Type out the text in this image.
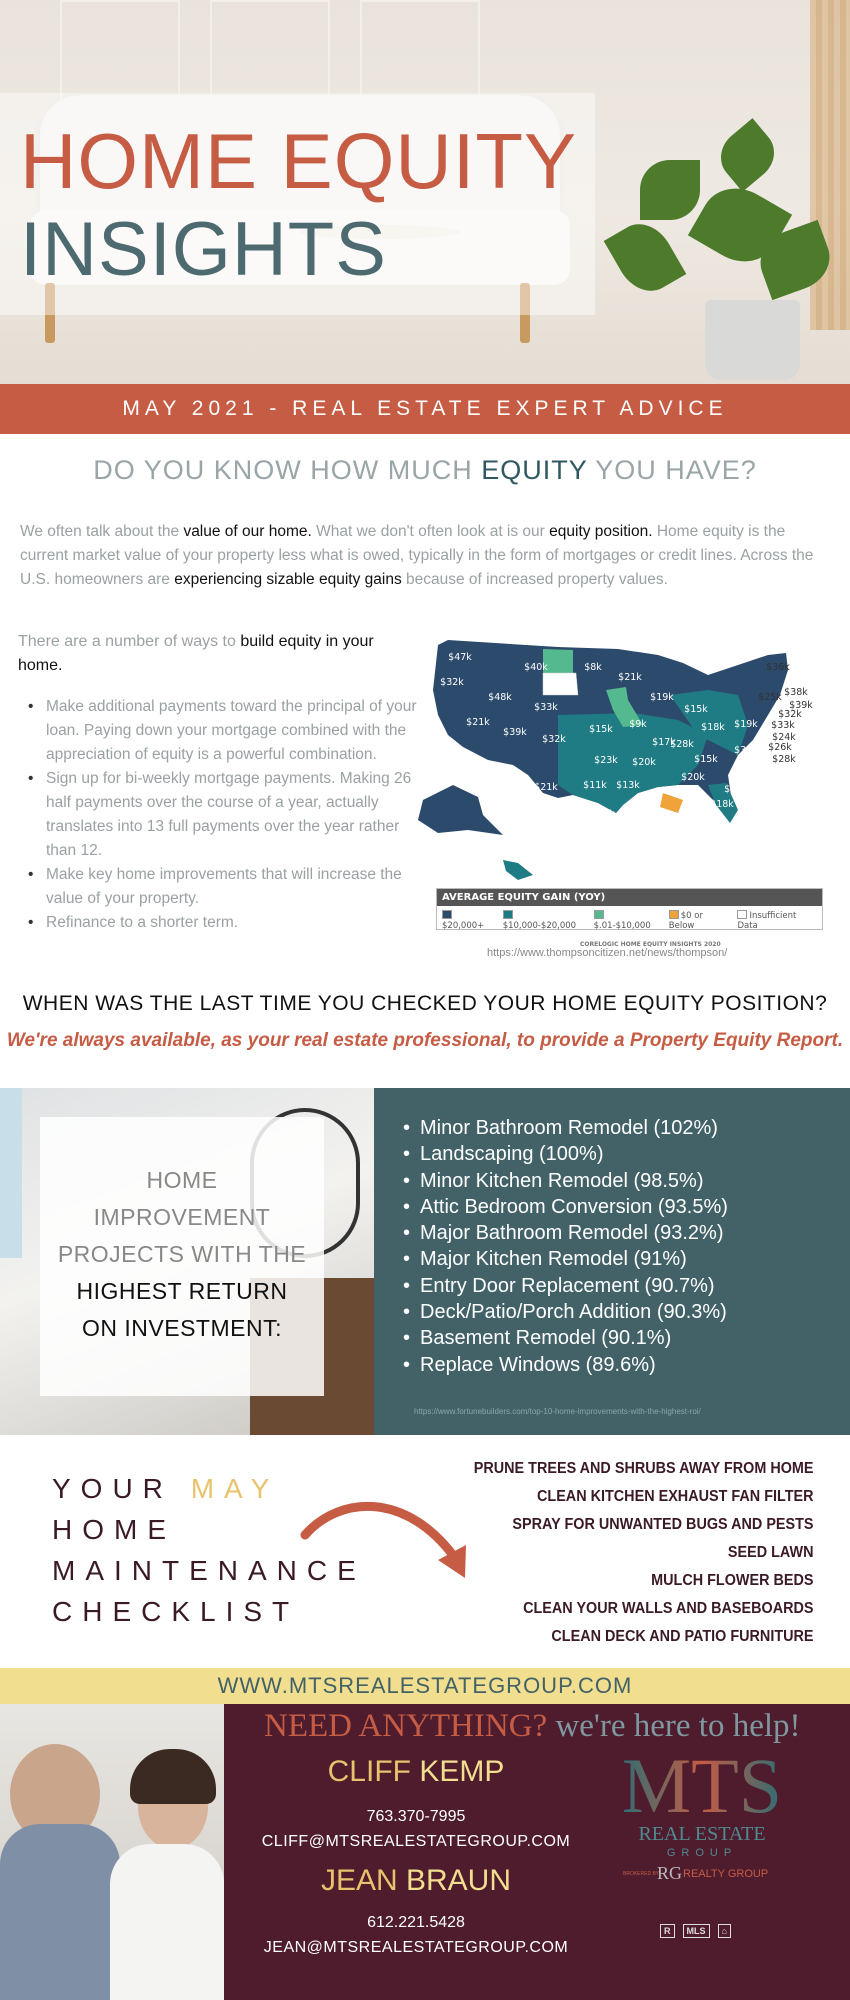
HOME EQUITY
INSIGHTS
MAY 2021 - REAL ESTATE EXPERT ADVICE
DO YOU KNOW HOW MUCH EQUITY YOU HAVE?

We often talk about the value of our home. What we don't often look at is our equity position. Home equity is the current market value of your property less what is owed, typically in the form of mortgages or credit lines. Across the U.S. homeowners are experiencing sizable equity gains because of increased property values.

There are a number of ways to build equity in your home.

• Make additional payments toward the principal of your loan. Paying down your mortgage combined with the appreciation of equity is a powerful combination.
• Sign up for bi-weekly mortgage payments. Making 26 half payments over the course of a year, actually translates into 13 full payments over the year rather than 12.
• Make key home improvements that will increase the value of your property.
• Refinance to a shorter term.
$47k
$40k	$8k
$21k
$32k
$48k
$33k
$19k
$15k
$21k
$39k
$32k
$15k $9k
$17k
$28k
$18k $19k
$55k	$23k $20k
$31k
$36k $21k	$11k $13k
$20k
$15k
$21k
$12k
$16k $18k
$18k
$14k
$22k
$19k
$39k
$36k
$25k $38k
$39k
$32k
$33k
$24k
$26k
$28k
AVERAGE EQUITY GAIN (YOY)
$20,000+	$10,000-$20,000	$.01-$10,000
$0 or Below
Insufficient Data
CORELOGIC HOME EQUITY INSIGHTS 2020
https://www.thompsoncitizen.net/news/thompson/
WHEN WAS THE LAST TIME YOU CHECKED YOUR HOME EQUITY POSITION?
We're always available, as your real estate professional, to provide a Property Equity Report.
HOME
IMPROVEMENT
PROJECTS WITH THE
HIGHEST RETURN
ON INVESTMENT:
• Minor Bathroom Remodel (102%)
• Landscaping (100%)
• Minor Kitchen Remodel (98.5%)
• Attic Bedroom Conversion (93.5%)
• Major Bathroom Remodel (93.2%)
• Major Kitchen Remodel (91%)
• Entry Door Replacement (90.7%)
• Deck/Patio/Porch Addition (90.3%)
• Basement Remodel (90.1%)
• Replace Windows (89.6%)
https://www.fortunebuilders.com/top-10-home-improvements-with-the-highest-roi/
YOUR MAY
HOME
MAINTENANCE
CHECKLIST
PRUNE TREES AND SHRUBS AWAY FROM HOME
CLEAN KITCHEN EXHAUST FAN FILTER
SPRAY FOR UNWANTED BUGS AND PESTS
SEED LAWN
MULCH FLOWER BEDS
CLEAN YOUR WALLS AND BASEBOARDS
CLEAN DECK AND PATIO FURNITURE
WWW.MTSREALESTATEGROUP.COM
NEED ANYTHING? we're here to help!
CLIFF KEMP
763.370-7995
CLIFF@MTSREALESTATEGROUP.COM
JEAN BRAUN
612.221.5428
JEAN@MTSREALESTATEGROUP.COM
MTS
REAL ESTATE
GROUP
BROKERED BY
RG REALTY GROUP
R	MLS	⌂
